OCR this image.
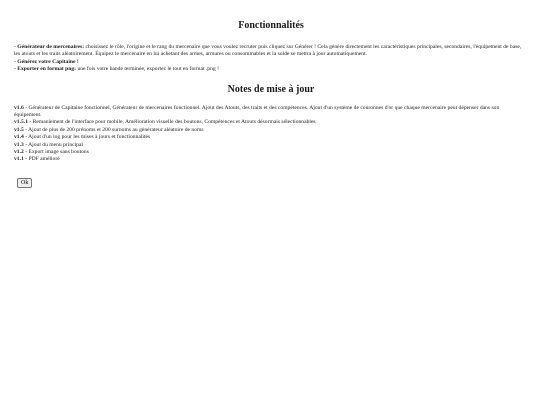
Fonctionnalités

- Générateur de mercenaires: choisissez le rôle, l'origine et le rang du mercenaire que vous voulez recruter puis cliquez sur Générer ! Cela génère directement les caractéristiques principales, secondaires, l'équipement de base, les atouts et les traits aléatoirement. Équipez le mercenaire en lui achetant des armes, armures ou consommables et la solde se mettra à jour automatiquement.

- Générez votre Capitaine !

- Exporter en format png: une fois votre bande terminée, exportez le tout en format .png !

Notes de mise à jour

v1.6 - Générateur de Capitaine fonctionnel, Générateur de mercenaires fonctionnel. Ajout des Atouts, des traits et des compétences. Ajout d'un système de couronnes d'or que chaque mercenaire peut dépenser dans son équipement.

v1.5.1 - Remaniement de l'interface pour mobile, Amélioration visuelle des boutons, Compétences et Atouts désormais sélectionnables

v1.5 - Ajout de plus de 200 prénoms et 200 surnoms au générateur aléatoire de noms

v1.4 - Ajout d'un log pour les mises à jours et fonctionnalités

v1.3 - Ajout du menu principal

v1.2 - Export image sans boutons

v1.1 - PDF amélioré

Ok
